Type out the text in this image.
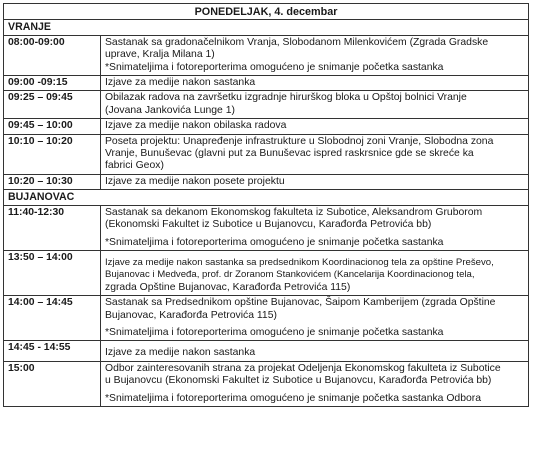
PONEDELJAK, 4. decembar	
VRANJE	
08:00-09:00	Sastanak sa gradonačelnikom Vranja, Slobodanom Milenkovićem (Zgrada Gradske
uprave, Kralja Milana 1)
*Snimateljima i fotoreporterima omogućeno je snimanje početka sastanka

09:00 -09:15	Izjave za medije nakon sastanka

09:25 – 09:45	Obilazak radova na završetku izgradnje hirurškog bloka u Opštoj bolnici Vranje
(Jovana Jankovića Lunge 1)

09:45 – 10:00	Izjave za medije nakon obilaska radova

10:10 – 10:20	Poseta projektu: Unapređenje infrastrukture u Slobodnoj zoni Vranje, Slobodna zona
Vranje, Bunuševac (glavni put za Bunuševac ispred raskrsnice gde se skreće ka
fabrici Geox)

10:20 – 10:30	Izjave za medije nakon posete projektu

BUJANOVAC	
11:40-12:30	Sastanak sa dekanom Ekonomskog fakulteta iz Subotice, Aleksandrom Gruborom
(Ekonomski Fakultet iz Subotice u Bujanovcu, Karađorđa Petrovića bb)
*Snimateljima i fotoreporterima omogućeno je snimanje početka sastanka

13:50 – 14:00	Izjave za medije nakon sastanka sa predsednikom Koordinacionog tela za opštine Preševo,
Bujanovac i Medveđa, prof. dr Zoranom Stankovićem (Kancelarija Koordinacionog tela,
zgrada Opštine Bujanovac, Karađorđa Petrovića 115)

14:00 – 14:45	Sastanak sa Predsednikom opštine Bujanovac, Šaipom Kamberijem (zgrada Opštine
Bujanovac, Karađorđa Petrovića 115)
*Snimateljima i fotoreporterima omogućeno je snimanje početka sastanka

14:45 - 14:55	Izjave za medije nakon sastanka

15:00	Odbor zainteresovanih strana za projekat Odeljenja Ekonomskog fakulteta iz Subotice
u Bujanovcu (Ekonomski Fakultet iz Subotice u Bujanovcu, Karađorđa Petrovića bb)
*Snimateljima i fotoreporterima omogućeno je snimanje početka sastanka Odbora
